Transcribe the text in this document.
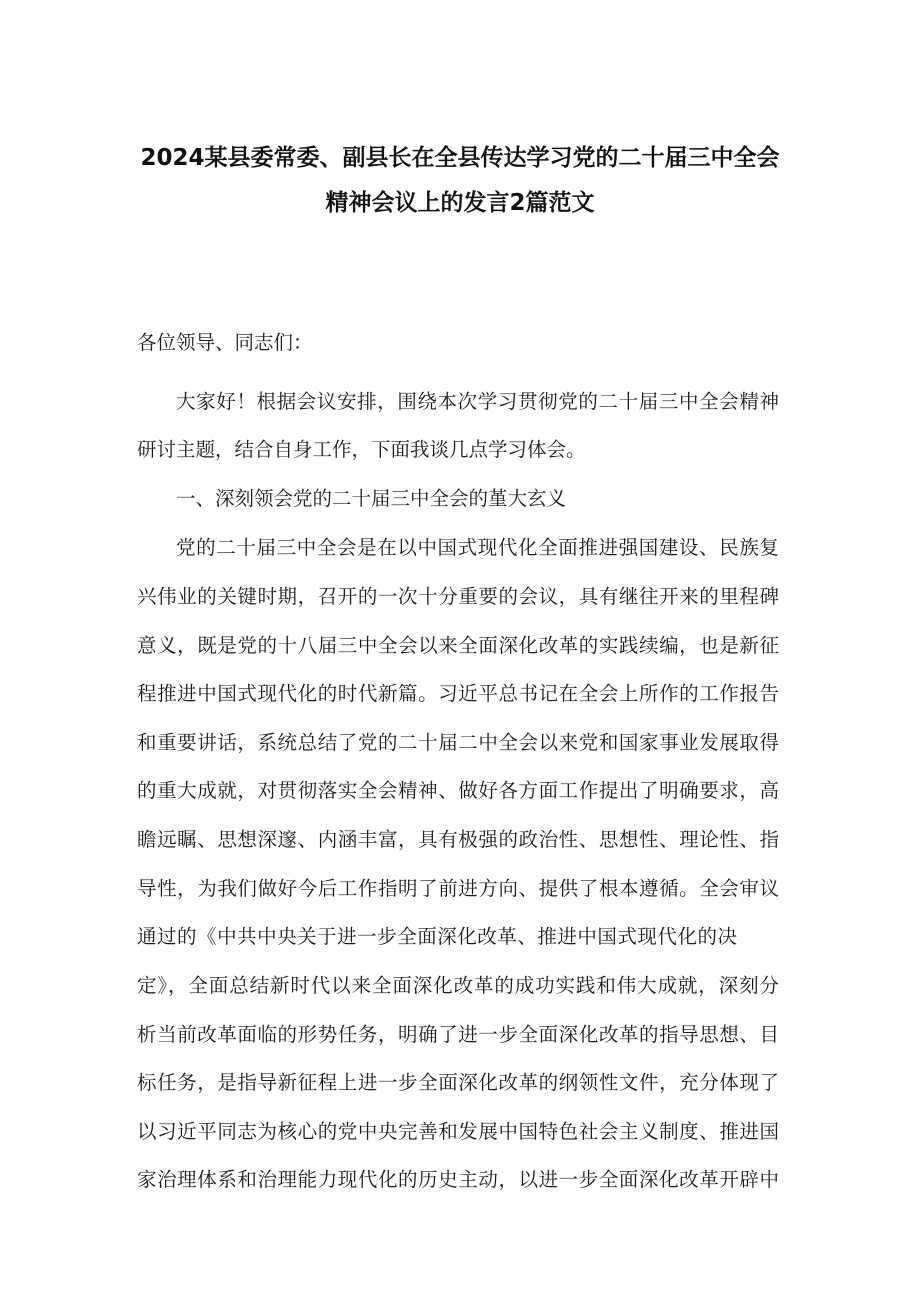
2024某县委常委、副县长在全县传达学习党的二十届三中全会
精神会议上的发言2篇范文
各位领导、同志们：
大家好！根据会议安排，围绕本次学习贯彻党的二十届三中全会精神
研讨主题，结合自身工作，下面我谈几点学习体会。
一、深刻领会党的二十届三中全会的堇大玄义
党的二十届三中全会是在以中国式现代化全面推进强国建设、民族复
兴伟业的关键时期，召开的一次十分重要的会议，具有继往开来的里程碑
意义，既是党的十八届三中全会以来全面深化改革的实践续编，也是新征
程推进中国式现代化的时代新篇。习近平总书记在全会上所作的工作报告
和重要讲话，系统总结了党的二十届二中全会以来党和国家事业发展取得
的重大成就，对贯彻落实全会精神、做好各方面工作提出了明确要求，高
瞻远瞩、思想深邃、内涵丰富，具有极强的政治性、思想性、理论性、指
导性，为我们做好今后工作指明了前进方向、提供了根本遵循。全会审议
通过的《中共中央关于进一步全面深化改革、推进中国式现代化的决
定》，全面总结新时代以来全面深化改革的成功实践和伟大成就，深刻分
析当前改革面临的形势任务，明确了进一步全面深化改革的指导思想、目
标任务，是指导新征程上进一步全面深化改革的纲领性文件，充分体现了
以习近平同志为核心的党中央完善和发展中国特色社会主义制度、推进国
家治理体系和治理能力现代化的历史主动，以进一步全面深化改革开辟中
